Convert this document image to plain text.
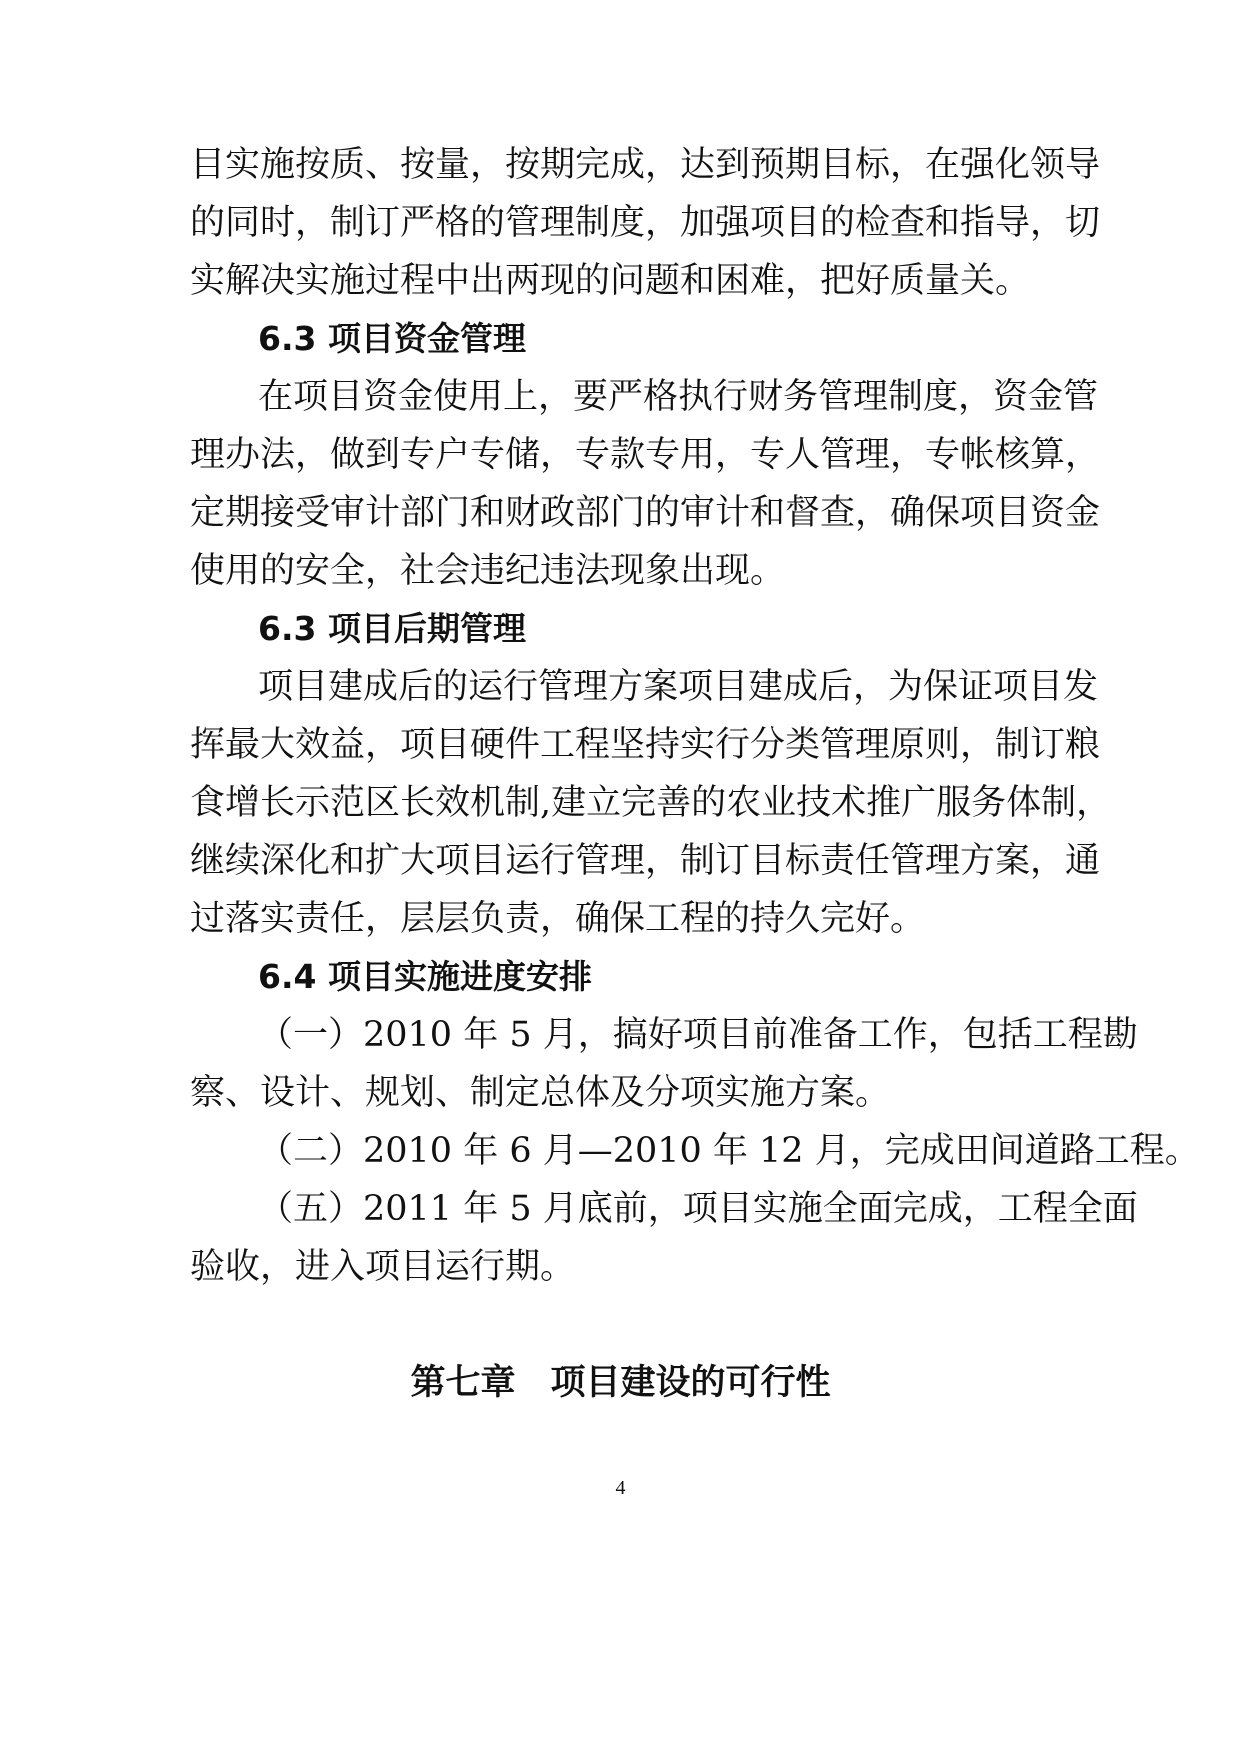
目实施按质、按量，按期完成，达到预期目标，在强化领导
的同时，制订严格的管理制度，加强项目的检查和指导，切
实解决实施过程中出两现的问题和困难，把好质量关。
6.3 项目资金管理
在项目资金使用上，要严格执行财务管理制度，资金管
理办法，做到专户专储，专款专用，专人管理，专帐核算，
定期接受审计部门和财政部门的审计和督查，确保项目资金
使用的安全，社会违纪违法现象出现。
6.3 项目后期管理
项目建成后的运行管理方案项目建成后，为保证项目发
挥最大效益，项目硬件工程坚持实行分类管理原则，制订粮
食增长示范区长效机制,建立完善的农业技术推广服务体制，
继续深化和扩大项目运行管理，制订目标责任管理方案，通
过落实责任，层层负责，确保工程的持久完好。
6.4 项目实施进度安排
（一）2010 年 5 月，搞好项目前准备工作，包括工程勘
察、设计、规划、制定总体及分项实施方案。
（二）2010 年 6 月—2010 年 12 月，完成田间道路工程。
（五）2011 年 5 月底前，项目实施全面完成，工程全面
验收，进入项目运行期。
第七章　项目建设的可行性
4
